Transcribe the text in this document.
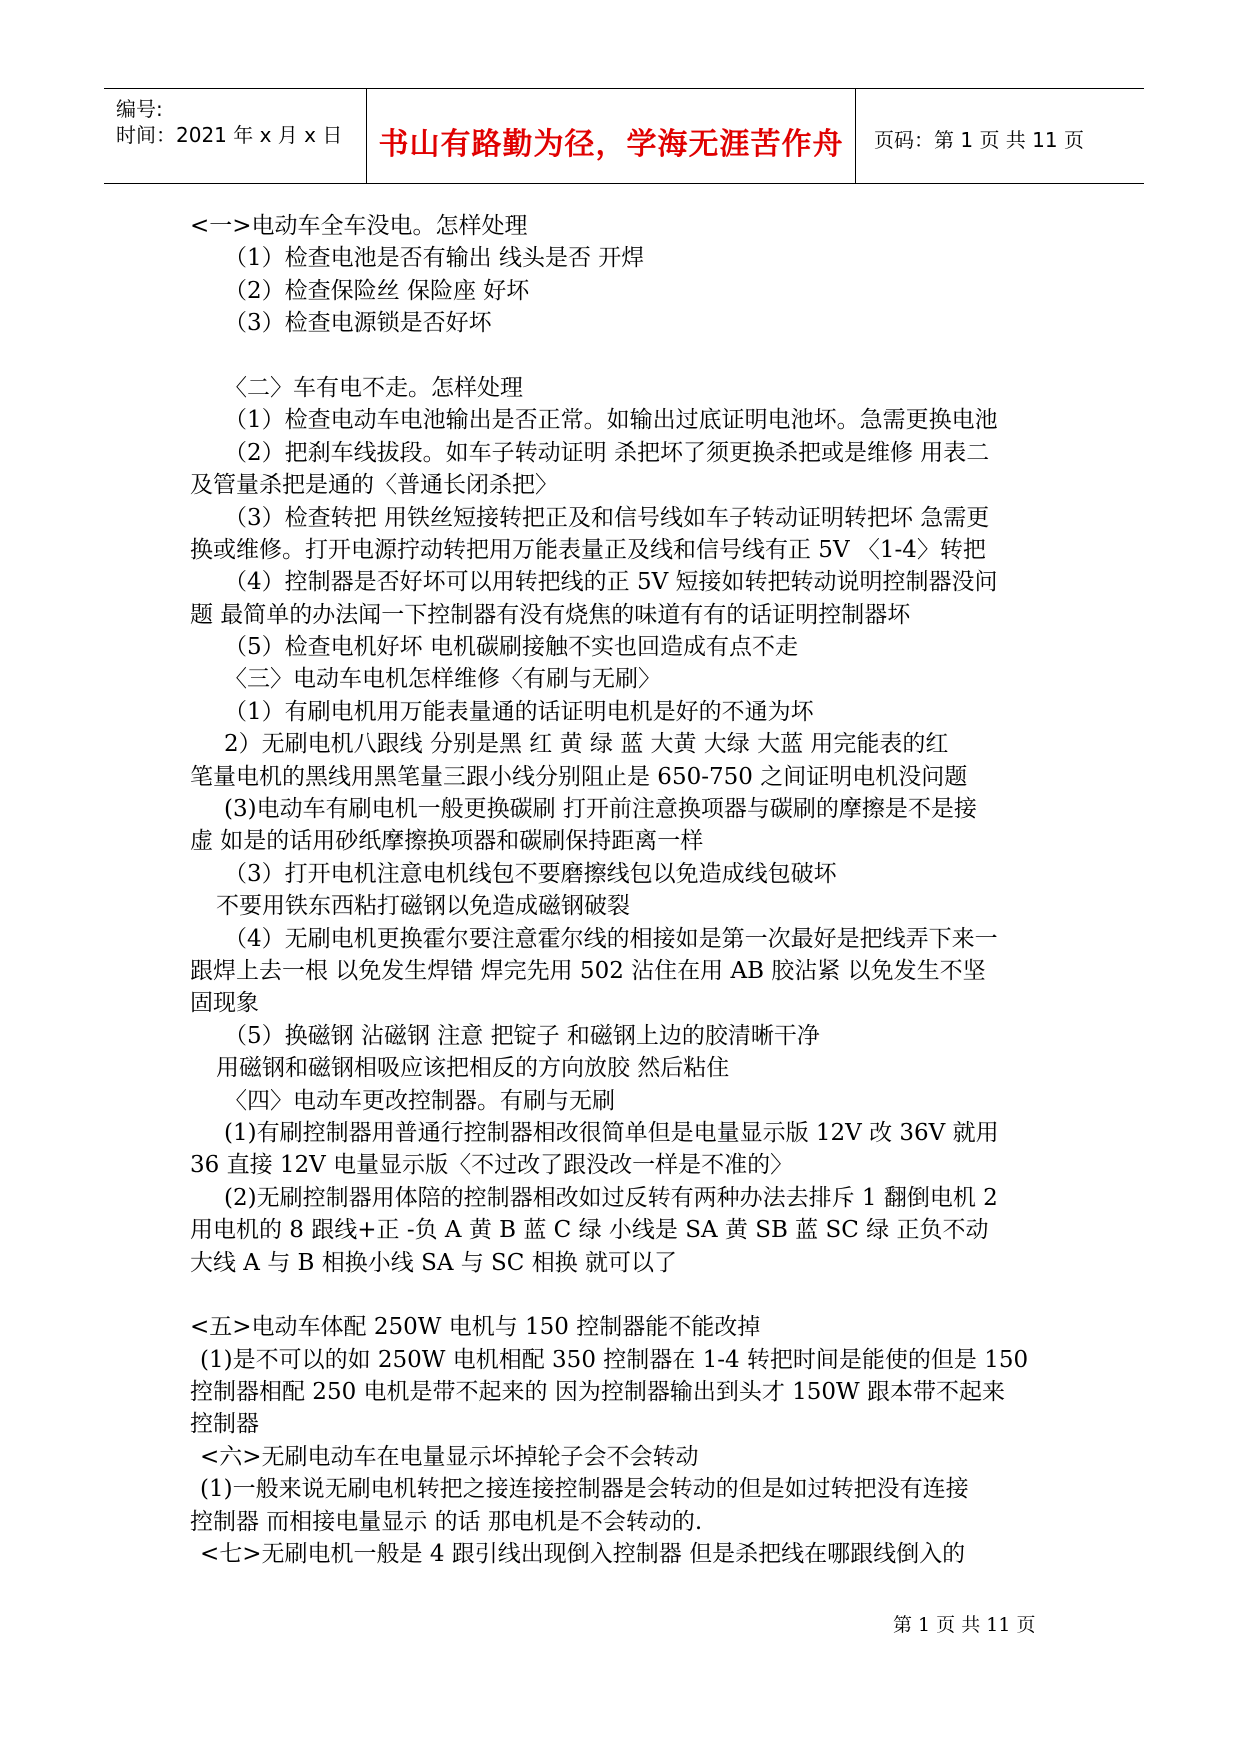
编号:
时间：2021 年 x 月 x 日	书山有路勤为径，学海无涯苦作舟	页码：第 1 页 共 11 页
<一>电动车全车没电。怎样处理
（1）检查电池是否有输出 线头是否 开焊
（2）检查保险丝 保险座 好坏
（3）检查电源锁是否好坏
〈二〉车有电不走。怎样处理
（1）检查电动车电池输出是否正常。如输出过底证明电池坏。急需更换电池
（2）把刹车线拔段。如车子转动证明 杀把坏了须更换杀把或是维修 用表二
及管量杀把是通的〈普通长闭杀把〉
（3）检查转把 用铁丝短接转把正及和信号线如车子转动证明转把坏 急需更
换或维修。打开电源拧动转把用万能表量正及线和信号线有正 5V 〈1-4〉转把
（4）控制器是否好坏可以用转把线的正 5V 短接如转把转动说明控制器没问
题 最简单的办法闻一下控制器有没有烧焦的味道有有的话证明控制器坏
（5）检查电机好坏 电机碳刷接触不实也回造成有点不走
〈三〉电动车电机怎样维修〈有刷与无刷〉
（1）有刷电机用万能表量通的话证明电机是好的不通为坏
2）无刷电机八跟线 分别是黑 红 黄 绿 蓝 大黄 大绿 大蓝 用完能表的红
笔量电机的黑线用黑笔量三跟小线分别阻止是 650-750 之间证明电机没问题
(3)电动车有刷电机一般更换碳刷 打开前注意换项器与碳刷的摩擦是不是接
虚 如是的话用砂纸摩擦换项器和碳刷保持距离一样
（3）打开电机注意电机线包不要磨擦线包以免造成线包破坏
不要用铁东西粘打磁钢以免造成磁钢破裂
（4）无刷电机更换霍尔要注意霍尔线的相接如是第一次最好是把线弄下来一
跟焊上去一根 以免发生焊错 焊完先用 502 沾住在用 AB 胶沾紧 以免发生不坚
固现象
（5）换磁钢 沾磁钢 注意 把锭子 和磁钢上边的胶清晰干净
用磁钢和磁钢相吸应该把相反的方向放胶 然后粘住
〈四〉电动车更改控制器。有刷与无刷
(1)有刷控制器用普通行控制器相改很简单但是电量显示版 12V 改 36V 就用
36 直接 12V 电量显示版〈不过改了跟没改一样是不准的〉
(2)无刷控制器用体陪的控制器相改如过反转有两种办法去排斥 1 翻倒电机 2
用电机的 8 跟线+正 -负 A 黄 B 蓝 C 绿 小线是 SA 黄 SB 蓝 SC 绿 正负不动
大线 A 与 B 相换小线 SA 与 SC 相换 就可以了
<五>电动车体配 250W 电机与 150 控制器能不能改掉
(1)是不可以的如 250W 电机相配 350 控制器在 1-4 转把时间是能使的但是 150
控制器相配 250 电机是带不起来的 因为控制器输出到头才 150W 跟本带不起来
控制器
<六>无刷电动车在电量显示坏掉轮子会不会转动
(1)一般来说无刷电机转把之接连接控制器是会转动的但是如过转把没有连接
控制器 而相接电量显示 的话 那电机是不会转动的.
<七>无刷电机一般是 4 跟引线出现倒入控制器 但是杀把线在哪跟线倒入的
第 1 页 共 11 页
